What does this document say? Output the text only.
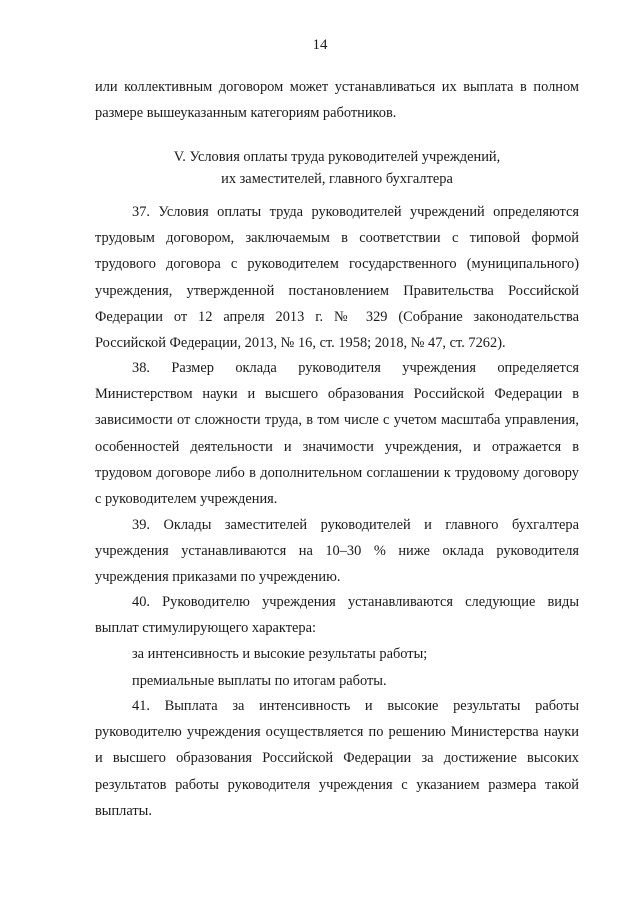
14
или коллективным договором может устанавливаться их выплата в полном
размере вышеуказанным категориям работников.
V. Условия оплаты труда руководителей учреждений,
их заместителей, главного бухгалтера

37. Условия оплаты труда руководителей учреждений определяются трудовым договором, заключаемым в соответствии с типовой формой трудового договора с руководителем государственного (муниципального) учреждения, утвержденной постановлением Правительства Российской Федерации от 12 апреля 2013 г. № 329 (Собрание законодательства Российской Федерации, 2013, № 16, ст. 1958; 2018, № 47, ст. 7262).

38. Размер оклада руководителя учреждения определяется Министерством науки и высшего образования Российской Федерации в зависимости от сложности труда, в том числе с учетом масштаба управления, особенностей деятельности и значимости учреждения, и отражается в трудовом договоре либо в дополнительном соглашении к трудовому договору с руководителем учреждения.

39. Оклады заместителей руководителей и главного бухгалтера учреждения устанавливаются на 10–30 % ниже оклада руководителя учреждения приказами по учреждению.

40. Руководителю учреждения устанавливаются следующие виды выплат стимулирующего характера:

за интенсивность и высокие результаты работы;

премиальные выплаты по итогам работы.

41. Выплата за интенсивность и высокие результаты работы руководителю учреждения осуществляется по решению Министерства науки и высшего образования Российской Федерации за достижение высоких результатов работы руководителя учреждения с указанием размера такой выплаты.
